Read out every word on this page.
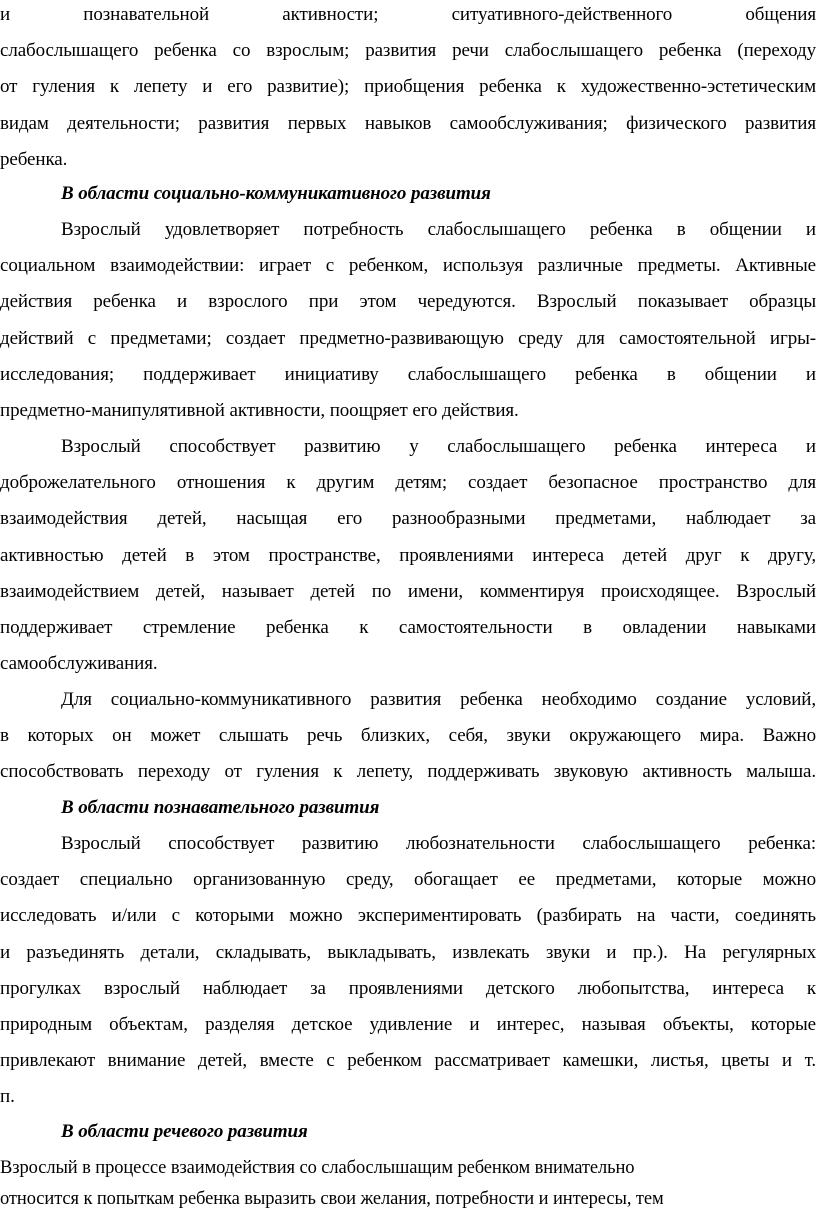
и познавательной активности; ситуативного-действенного общения
слабослышащего ребенка со взрослым; развития речи слабослышащего ребенка (переходу
от гуления к лепету и его развитие); приобщения ребенка к художественно-эстетическим
видам деятельности; развития первых навыков самообслуживания; физического развития
ребенка.
В области социально-коммуникативного развития
Взрослый удовлетворяет потребность слабослышащего ребенка в общении и
социальном взаимодействии: играет с ребенком, используя различные предметы. Активные
действия ребенка и взрослого при этом чередуются. Взрослый показывает образцы
действий с предметами; создает предметно-развивающую среду для самостоятельной игры-
исследования; поддерживает инициативу слабослышащего ребенка в общении и
предметно-манипулятивной активности, поощряет его действия.
Взрослый способствует развитию у слабослышащего ребенка интереса и
доброжелательного отношения к другим детям; создает безопасное пространство для
взаимодействия детей, насыщая его разнообразными предметами, наблюдает за
активностью детей в этом пространстве, проявлениями интереса детей друг к другу,
взаимодействием детей, называет детей по имени, комментируя происходящее. Взрослый
поддерживает стремление ребенка к самостоятельности в овладении навыками
самообслуживания.
Для социально-коммуникативного развития ребенка необходимо создание условий,
в которых он может слышать речь близких, себя, звуки окружающего мира. Важно
способствовать переходу от гуления к лепету, поддерживать звуковую активность малыша.
В области познавательного развития
Взрослый способствует развитию любознательности слабослышащего ребенка:
создает специально организованную среду, обогащает ее предметами, которые можно
исследовать и/или с которыми можно экспериментировать (разбирать на части, соединять
и разъединять детали, складывать, выкладывать, извлекать звуки и пр.). На регулярных
прогулках взрослый наблюдает за проявлениями детского любопытства, интереса к
природным объектам, разделяя детское удивление и интерес, называя объекты, которые
привлекают внимание детей, вместе с ребенком рассматривает камешки, листья, цветы и т.
п.
В области речевого развития
Взрослый в процессе взаимодействия со слабослышащим ребенком внимательно
относится к попыткам ребенка выразить свои желания, потребности и интересы, тем
